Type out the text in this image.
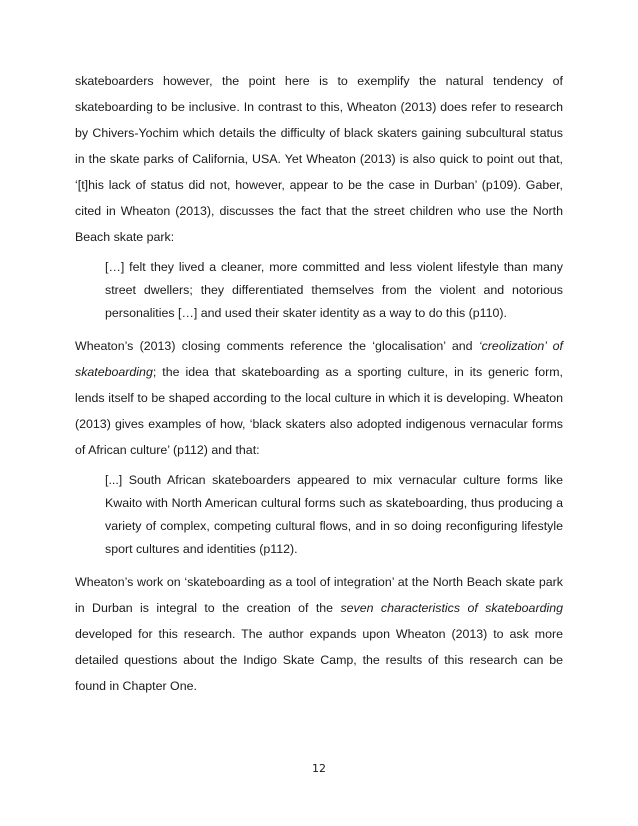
skateboarders however, the point here is to exemplify the natural tendency of skateboarding to be inclusive. In contrast to this, Wheaton (2013) does refer to research by Chivers-Yochim which details the difficulty of black skaters gaining subcultural status in the skate parks of California, USA. Yet Wheaton (2013) is also quick to point out that, ‘[t]his lack of status did not, however, appear to be the case in Durban’ (p109). Gaber, cited in Wheaton (2013), discusses the fact that the street children who use the North Beach skate park:

[…] felt they lived a cleaner, more committed and less violent lifestyle than many street dwellers; they differentiated themselves from the violent and notorious personalities […] and used their skater identity as a way to do this (p110).

Wheaton’s (2013) closing comments reference the ‘glocalisation’ and ‘creolization’ of skateboarding; the idea that skateboarding as a sporting culture, in its generic form, lends itself to be shaped according to the local culture in which it is developing. Wheaton (2013) gives examples of how, ‘black skaters also adopted indigenous vernacular forms of African culture’ (p112) and that:

[...] South African skateboarders appeared to mix vernacular culture forms like Kwaito with North American cultural forms such as skateboarding, thus producing a variety of complex, competing cultural flows, and in so doing reconfiguring lifestyle sport cultures and identities (p112).

Wheaton’s work on ‘skateboarding as a tool of integration’ at the North Beach skate park in Durban is integral to the creation of the seven characteristics of skateboarding developed for this research. The author expands upon Wheaton (2013) to ask more detailed questions about the Indigo Skate Camp, the results of this research can be found in Chapter One.

12
